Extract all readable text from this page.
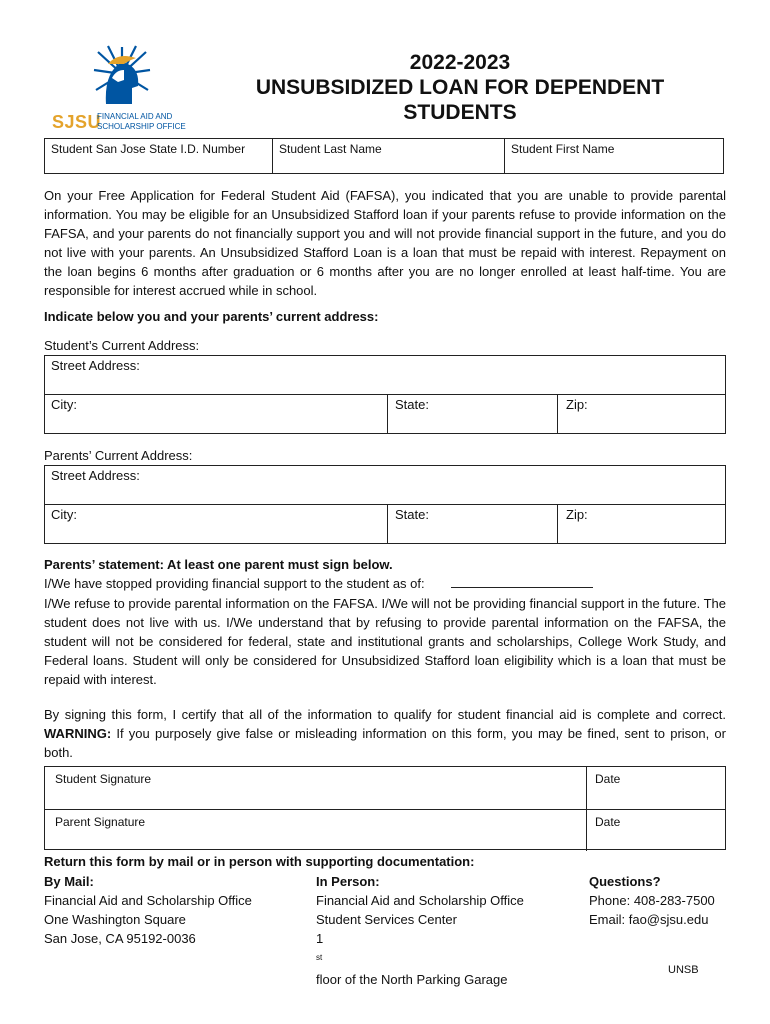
SJSU
FINANCIAL AID AND
SCHOLARSHIP OFFICE
2022-2023
UNSUBSIDIZED LOAN FOR DEPENDENT
STUDENTS
Student San Jose State I.D. Number	Student Last Name	Student First Name
On your Free Application for Federal Student Aid (FAFSA), you indicated that you are unable to provide parental information. You may be eligible for an Unsubsidized Stafford loan if your parents refuse to provide information on the FAFSA, and your parents do not financially support you and will not provide financial support in the future, and you do not live with your parents. An Unsubsidized Stafford Loan is a loan that must be repaid with interest. Repayment on the loan begins 6 months after graduation or 6 months after you are no longer enrolled at least half-time. You are responsible for interest accrued while in school.
Indicate below you and your parents’ current address:
Student’s Current Address:
Street Address:
City:	State:	Zip:
Parents’ Current Address:
Street Address:
City:	State:	Zip:
Parents’ statement: At least one parent must sign below.
I/We have stopped providing financial support to the student as of:
I/We refuse to provide parental information on the FAFSA. I/We will not be providing financial support in the future. The student does not live with us. I/We understand that by refusing to provide parental information on the FAFSA, the student will not be considered for federal, state and institutional grants and scholarships, College Work Study, and Federal loans. Student will only be considered for Unsubsidized Stafford loan eligibility which is a loan that must be repaid with interest.
By signing this form, I certify that all of the information to qualify for student financial aid is complete and correct. WARNING: If you purposely give false or misleading information on this form, you may be fined, sent to prison, or both.
Student Signature	Date
Parent Signature	Date
Return this form by mail or in person with supporting documentation:
By Mail:
Financial Aid and Scholarship Office
One Washington Square
San Jose, CA 95192-0036
In Person:
Financial Aid and Scholarship Office
Student Services Center
1
$^{st}$
floor of the North Parking Garage
Questions?
Phone: 408-283-7500
Email: fao@sjsu.edu
UNSB
